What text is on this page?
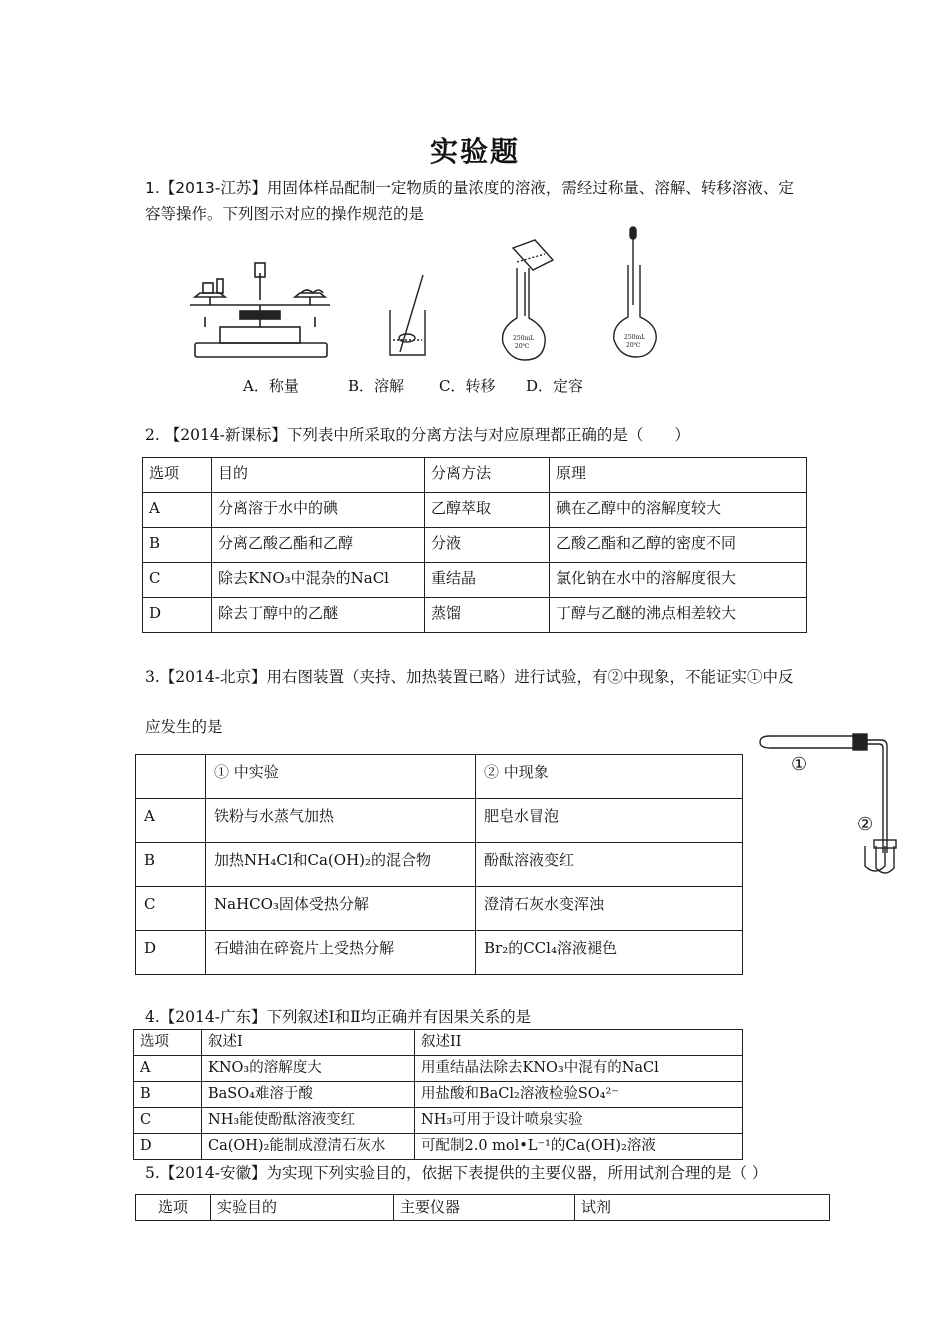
实验题
1.【2013-江苏】用固体样品配制一定物质的量浓度的溶液，需经过称量、溶解、转移溶液、定
容等操作。下列图示对应的操作规范的是
250mL
20℃
250mL
20℃
A．称量	B．溶解 C．转移 D．定容
2. 【2014-新课标】下列表中所采取的分离方法与对应原理都正确的是（　　）
选项	目的	分离方法	原理
A	分离溶于水中的碘	乙醇萃取	碘在乙醇中的溶解度较大
B	分离乙酸乙酯和乙醇	分液	乙酸乙酯和乙醇的密度不同
C	除去KNO₃中混杂的NaCl	重结晶	氯化钠在水中的溶解度很大
D	除去丁醇中的乙醚	蒸馏	丁醇与乙醚的沸点相差较大
3.【2014-北京】用右图装置（夹持、加热装置已略）进行试验，有②中现象，不能证实①中反
应发生的是
	① 中实验	② 中现象
A	铁粉与水蒸气加热	肥皂水冒泡
B	加热NH₄Cl和Ca(OH)₂的混合物	酚酞溶液变红
C	NaHCO₃固体受热分解	澄清石灰水变浑浊
D	石蜡油在碎瓷片上受热分解	Br₂的CCl₄溶液褪色
①
②
4.【2014-广东】下列叙述Ⅰ和Ⅱ均正确并有因果关系的是
选项	叙述I	叙述II
A	KNO₃的溶解度大	用重结晶法除去KNO₃中混有的NaCl
B	BaSO₄难溶于酸	用盐酸和BaCl₂溶液检验SO₄²⁻
C	NH₃能使酚酞溶液变红	NH₃可用于设计喷泉实验
D	Ca(OH)₂能制成澄清石灰水	可配制2.0 mol•L⁻¹的Ca(OH)₂溶液
5.【2014-安徽】为实现下列实验目的，依据下表提供的主要仪器，所用试剂合理的是（ ）
选项	实验目的	主要仪器	试剂
